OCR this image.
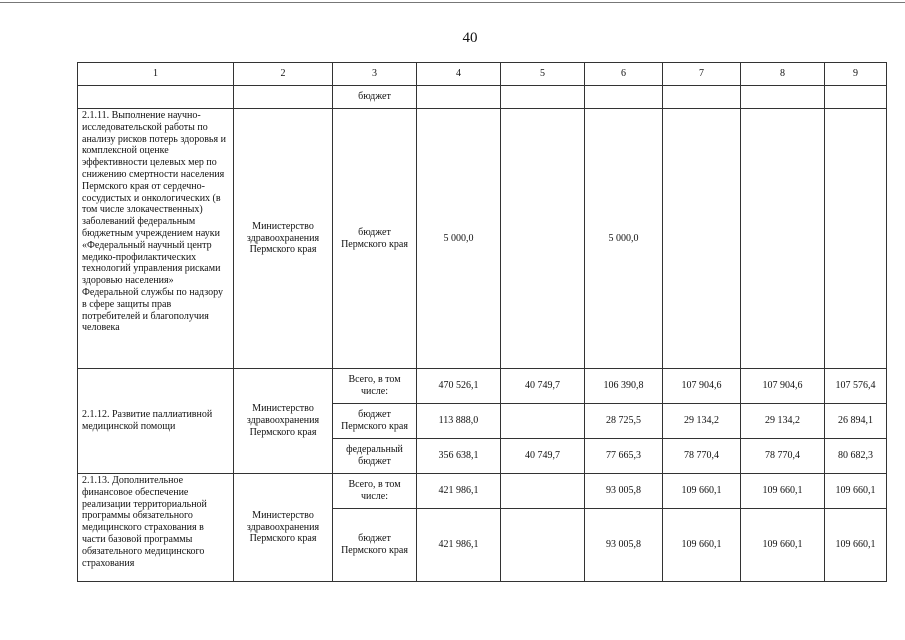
40
1	2	3	4	5	6	7	8	9
		бюджет						
2.1.11. Выполнение научно-исследовательской работы по анализу рисков потерь здоровья и комплексной оценке эффективности целевых мер по снижению смертности населения Пермского края от сердечно-сосудистых и онкологических (в том числе злокачественных) заболеваний федеральным бюджетным учреждением науки «Федеральный научный центр медико-профилактических технологий управления рисками здоровью населения» Федеральной службы по надзору в сфере защиты прав потребителей и благополучия человека	Министерство здравоохранения Пермского края	бюджет Пермского края	5 000,0		5 000,0			
2.1.12. Развитие паллиативной медицинской помощи	Министерство здравоохранения Пермского края	Всего, в том числе:	470 526,1	40 749,7	106 390,8	107 904,6	107 904,6	107 576,4
		бюджет Пермского края	113 888,0		28 725,5	29 134,2	29 134,2	26 894,1
		федеральный бюджет	356 638,1	40 749,7	77 665,3	78 770,4	78 770,4	80 682,3
2.1.13. Дополнительное финансовое обеспечение реализации территориальной программы обязательного медицинского страхования в части базовой программы обязательного медицинского страхования	Министерство здравоохранения Пермского края	Всего, в том числе:	421 986,1		93 005,8	109 660,1	109 660,1	109 660,1
		бюджет Пермского края	421 986,1		93 005,8	109 660,1	109 660,1	109 660,1
